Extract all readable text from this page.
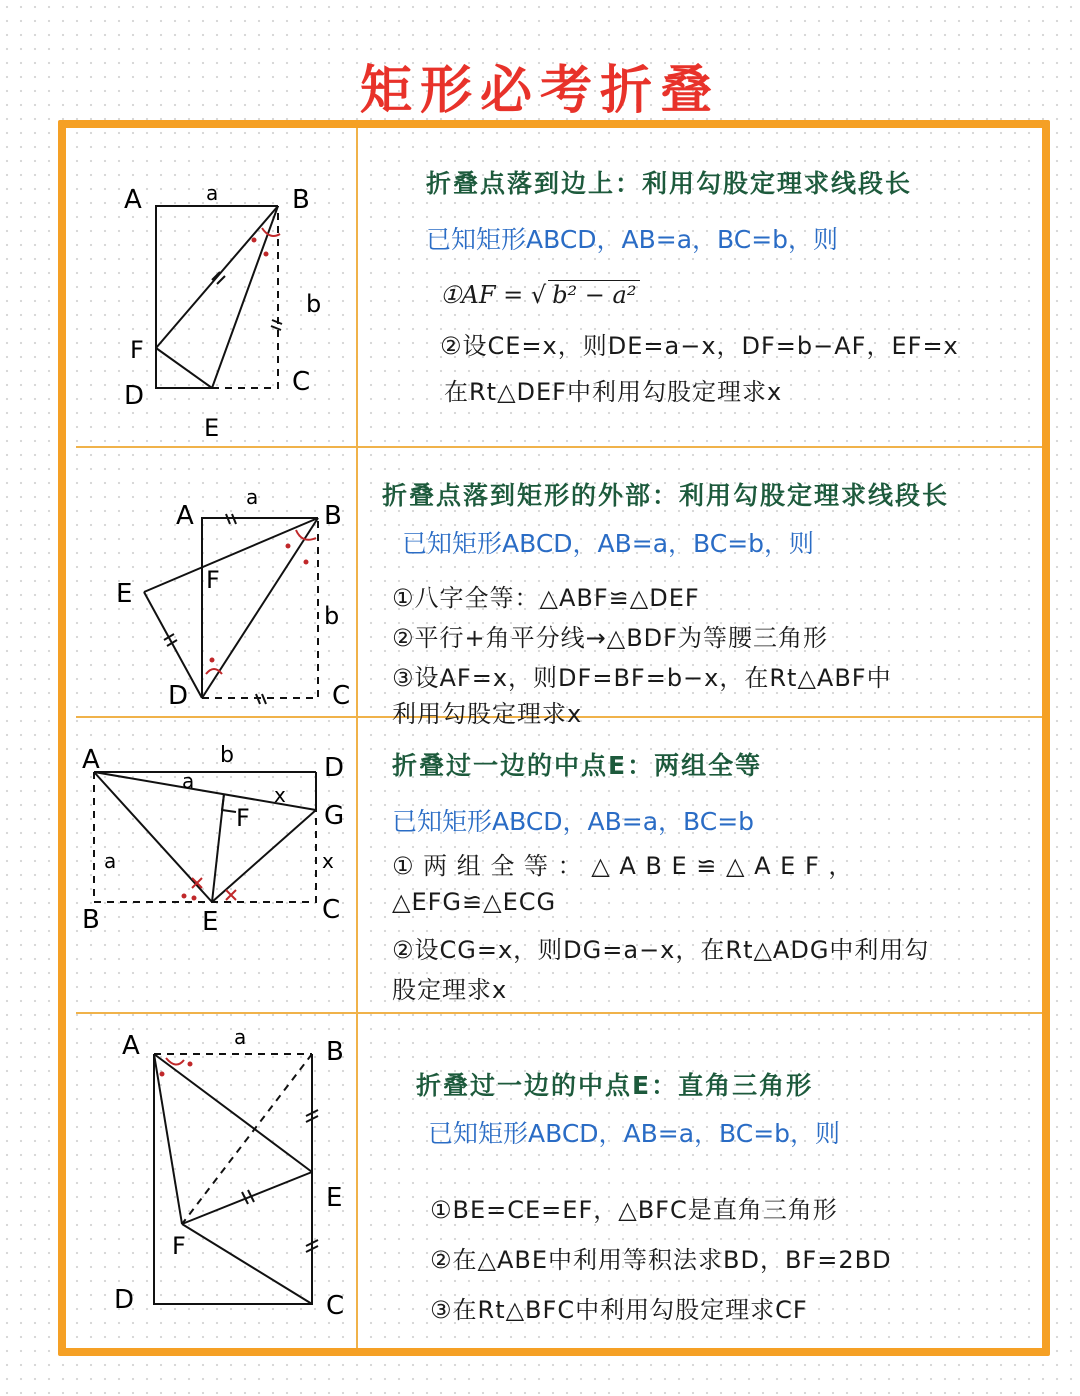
矩形必考折叠
A	B
C
D
E
F
a
b
折叠点落到边上：利用勾股定理求线段长
已知矩形ABCD，AB=a，BC=b，则
①AF = √ b² − a²
②设CE=x，则DE=a−x，DF=b−AF，EF=x
在Rt△DEF中利用勾股定理求x
A	B
C
D
E	F
a
b
折叠点落到矩形的外部：利用勾股定理求线段长
已知矩形ABCD，AB=a，BC=b，则
①八字全等：△ABF≌△DEF
②平行+角平分线→△BDF为等腰三角形
③设AF=x，则DF=BF=b−x，在Rt△ABF中
利用勾股定理求x
A	D
G
C
B	E
F
b
a
x
a	x
折叠过一边的中点E：两组全等
已知矩形ABCD，AB=a，BC=b
① 两 组 全 等 ： △ A B E ≌ △ A E F ，
△EFG≌△ECG
②设CG=x，则DG=a−x，在Rt△ADG中利用勾
股定理求x
A	B
E
C
D
F
a
折叠过一边的中点E：直角三角形
已知矩形ABCD，AB=a，BC=b，则
①BE=CE=EF，△BFC是直角三角形
②在△ABE中利用等积法求BD，BF=2BD
③在Rt△BFC中利用勾股定理求CF
